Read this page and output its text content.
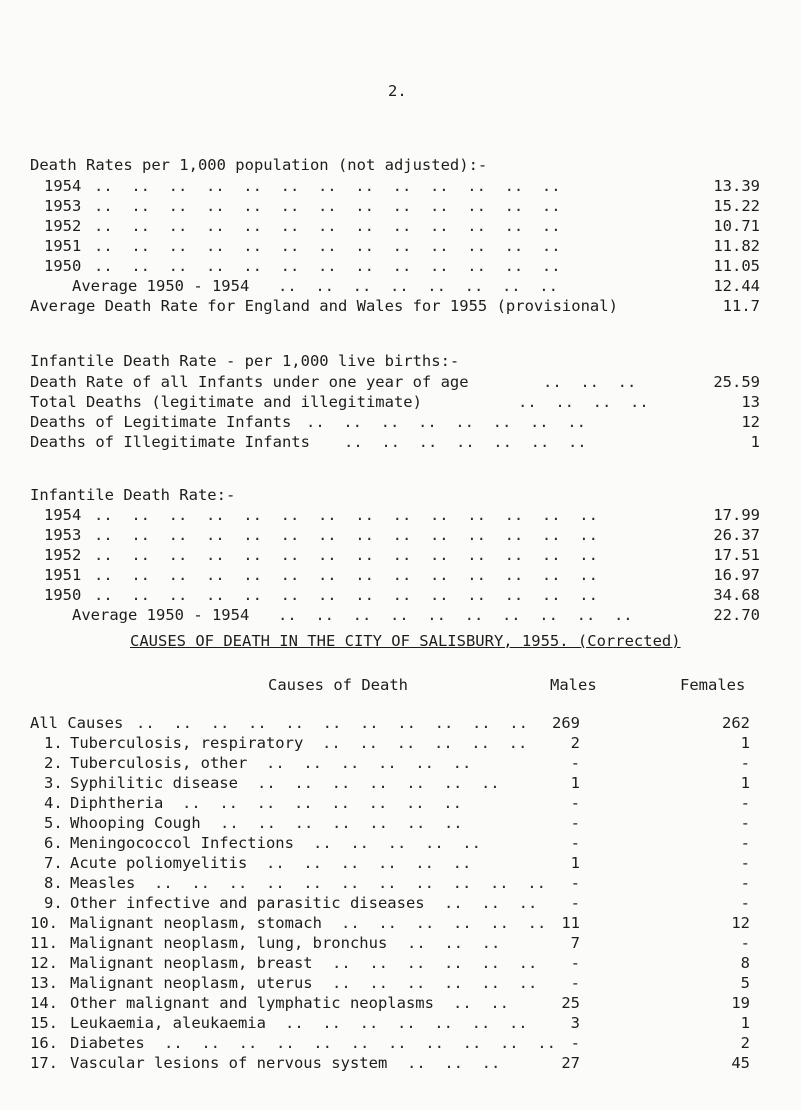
2.
Death Rates per 1,000 population (not adjusted):-
1954 ..  ..  ..  ..  ..  ..  ..  ..  ..  ..  ..  ..  ..	13.39
1953 ..  ..  ..  ..  ..  ..  ..  ..  ..  ..  ..  ..  ..	15.22
1952 ..  ..  ..  ..  ..  ..  ..  ..  ..  ..  ..  ..  ..	10.71
1951 ..  ..  ..  ..  ..  ..  ..  ..  ..  ..  ..  ..  ..	11.82
1950 ..  ..  ..  ..  ..  ..  ..  ..  ..  ..  ..  ..  ..	11.05
Average 1950 - 1954 ..  ..  ..  ..  ..  ..  ..  ..	12.44
Average Death Rate for England and Wales for 1955 (provisional)	11.7
Infantile Death Rate - per 1,000 live births:-
Death Rate of all Infants under one year of age	..  ..  ..	25.59
Total Deaths (legitimate and illegitimate)	..  ..  ..  ..	13
Deaths of Legitimate Infants ..  ..  ..  ..  ..  ..  ..  ..	12
Deaths of Illegitimate Infants ..  ..  ..  ..  ..  ..  ..	1
Infantile Death Rate:-
1954 ..  ..  ..  ..  ..  ..  ..  ..  ..  ..  ..  ..  ..  ..	17.99
1953 ..  ..  ..  ..  ..  ..  ..  ..  ..  ..  ..  ..  ..  ..	26.37
1952 ..  ..  ..  ..  ..  ..  ..  ..  ..  ..  ..  ..  ..  ..	17.51
1951 ..  ..  ..  ..  ..  ..  ..  ..  ..  ..  ..  ..  ..  ..	16.97
1950 ..  ..  ..  ..  ..  ..  ..  ..  ..  ..  ..  ..  ..  ..	34.68
Average 1950 - 1954 ..  ..  ..  ..  ..  ..  ..  ..  ..  ..	22.70
CAUSES OF DEATH IN THE CITY OF SALISBURY, 1955. (Corrected)
Causes of Death	Males	Females
All Causes ..  ..  ..  ..  ..  ..  ..  ..  ..  ..  ..	269	262
1. Tuberculosis, respiratory ..  ..  ..  ..  ..  ..	2	1
2. Tuberculosis, other ..  ..  ..  ..  ..  ..	-	-
3. Syphilitic disease ..  ..  ..  ..  ..  ..  ..	1	1
4. Diphtheria ..  ..  ..  ..  ..  ..  ..  ..	-	-
5. Whooping Cough ..  ..  ..  ..  ..  ..  ..	-	-
6. Meningococcol Infections ..  ..  ..  ..  ..	-	-
7. Acute poliomyelitis ..  ..  ..  ..  ..  ..	1	-
8. Measles ..  ..  ..  ..  ..  ..  ..  ..  ..  ..  ..	-	-
9. Other infective and parasitic diseases ..  ..  ..	-	-
10. Malignant neoplasm, stomach ..  ..  ..  ..  ..  .. 11	12
11. Malignant neoplasm, lung, bronchus ..  ..  ..	7	-
12. Malignant neoplasm, breast ..  ..  ..  ..  ..  ..	-	8
13. Malignant neoplasm, uterus ..  ..  ..  ..  ..  ..	-	5
14. Other malignant and lymphatic neoplasms ..  ..	25	19
15. Leukaemia, aleukaemia ..  ..  ..  ..  ..  ..  ..	3	1
16. Diabetes ..  ..  ..  ..  ..  ..  ..  ..  ..  ..  .. -	2
17. Vascular lesions of nervous system ..  ..  ..	27	45
